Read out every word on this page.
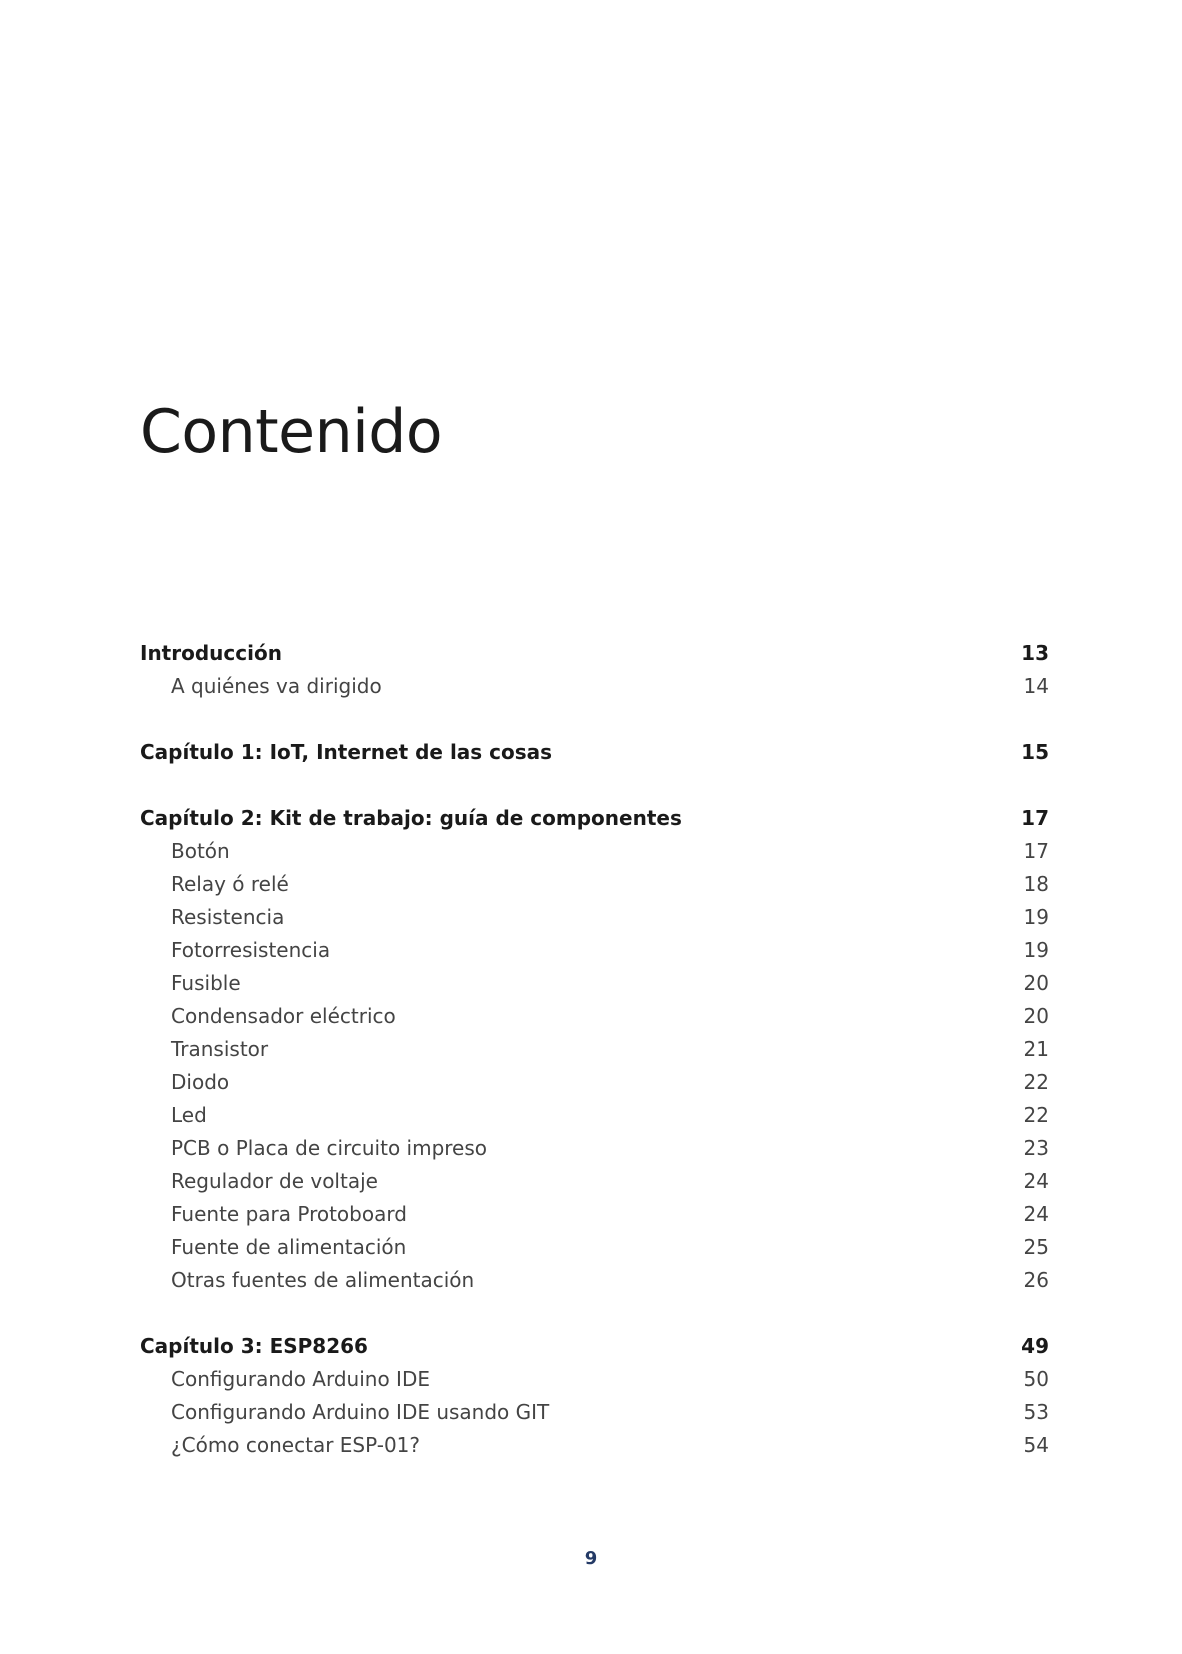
Contenido
Introducción	13
A quiénes va dirigido	14
Capítulo 1: IoT, Internet de las cosas	15
Capítulo 2: Kit de trabajo: guía de componentes	17
Botón	17
Relay ó relé	18
Resistencia	19
Fotorresistencia	19
Fusible	20
Condensador eléctrico	20
Transistor	21
Diodo	22
Led	22
PCB o Placa de circuito impreso	23
Regulador de voltaje	24
Fuente para Protoboard	24
Fuente de alimentación	25
Otras fuentes de alimentación	26
Capítulo 3: ESP8266	49
Configurando Arduino IDE	50
Configurando Arduino IDE usando GIT	53
¿Cómo conectar ESP-01?	54
9
